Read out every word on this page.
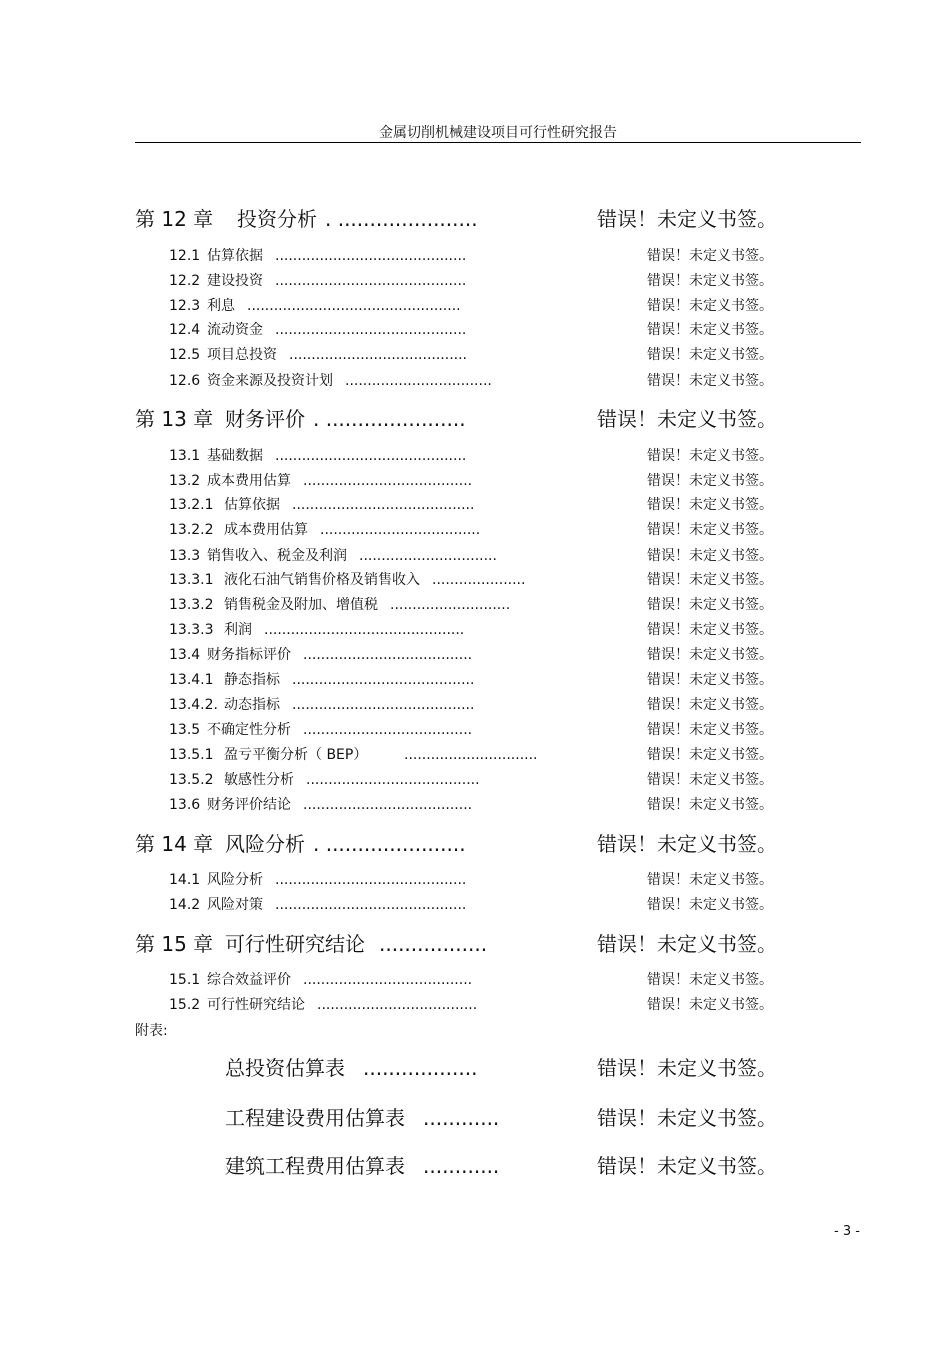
金属切削机械建设项目可行性研究报告
第 12 章 投资分析 . ......................	错误！未定义书签。
12.1 估算依据 ...........................................	错误！未定义书签。
12.2 建设投资 ...........................................	错误！未定义书签。
12.3 利息 ................................................	错误！未定义书签。
12.4 流动资金 ...........................................	错误！未定义书签。
12.5 项目总投资 ........................................	错误！未定义书签。
12.6 资金来源及投资计划 .................................	错误！未定义书签。
第 13 章 财务评价 . ......................	错误！未定义书签。
13.1 基础数据 ...........................................	错误！未定义书签。
13.2 成本费用估算 ......................................	错误！未定义书签。
13.2.1 估算依据 .........................................	错误！未定义书签。
13.2.2 成本费用估算 ....................................	错误！未定义书签。
13.3 销售收入、税金及利润 ...............................	错误！未定义书签。
13.3.1 液化石油气销售价格及销售收入 .....................	错误！未定义书签。
13.3.2 销售税金及附加、增值税 ...........................	错误！未定义书签。
13.3.3 利润 .............................................	错误！未定义书签。
13.4 财务指标评价 ......................................	错误！未定义书签。
13.4.1 静态指标 .........................................	错误！未定义书签。
13.4.2. 动态指标 .........................................	错误！未定义书签。
13.5 不确定性分析 ......................................	错误！未定义书签。
13.5.1 盈亏平衡分析（ BEP）	..............................	错误！未定义书签。
13.5.2 敏感性分析 .......................................	错误！未定义书签。
13.6 财务评价结论 ......................................	错误！未定义书签。
第 14 章 风险分析 . ......................	错误！未定义书签。
14.1 风险分析 ...........................................	错误！未定义书签。
14.2 风险对策 ...........................................	错误！未定义书签。
第 15 章 可行性研究结论 .................	错误！未定义书签。
15.1 综合效益评价 ......................................	错误！未定义书签。
15.2 可行性研究结论 ....................................	错误！未定义书签。
附表:
总投资估算表 ..................	错误！未定义书签。
工程建设费用估算表 ............	错误！未定义书签。
建筑工程费用估算表 ............	错误！未定义书签。
- 3 -
